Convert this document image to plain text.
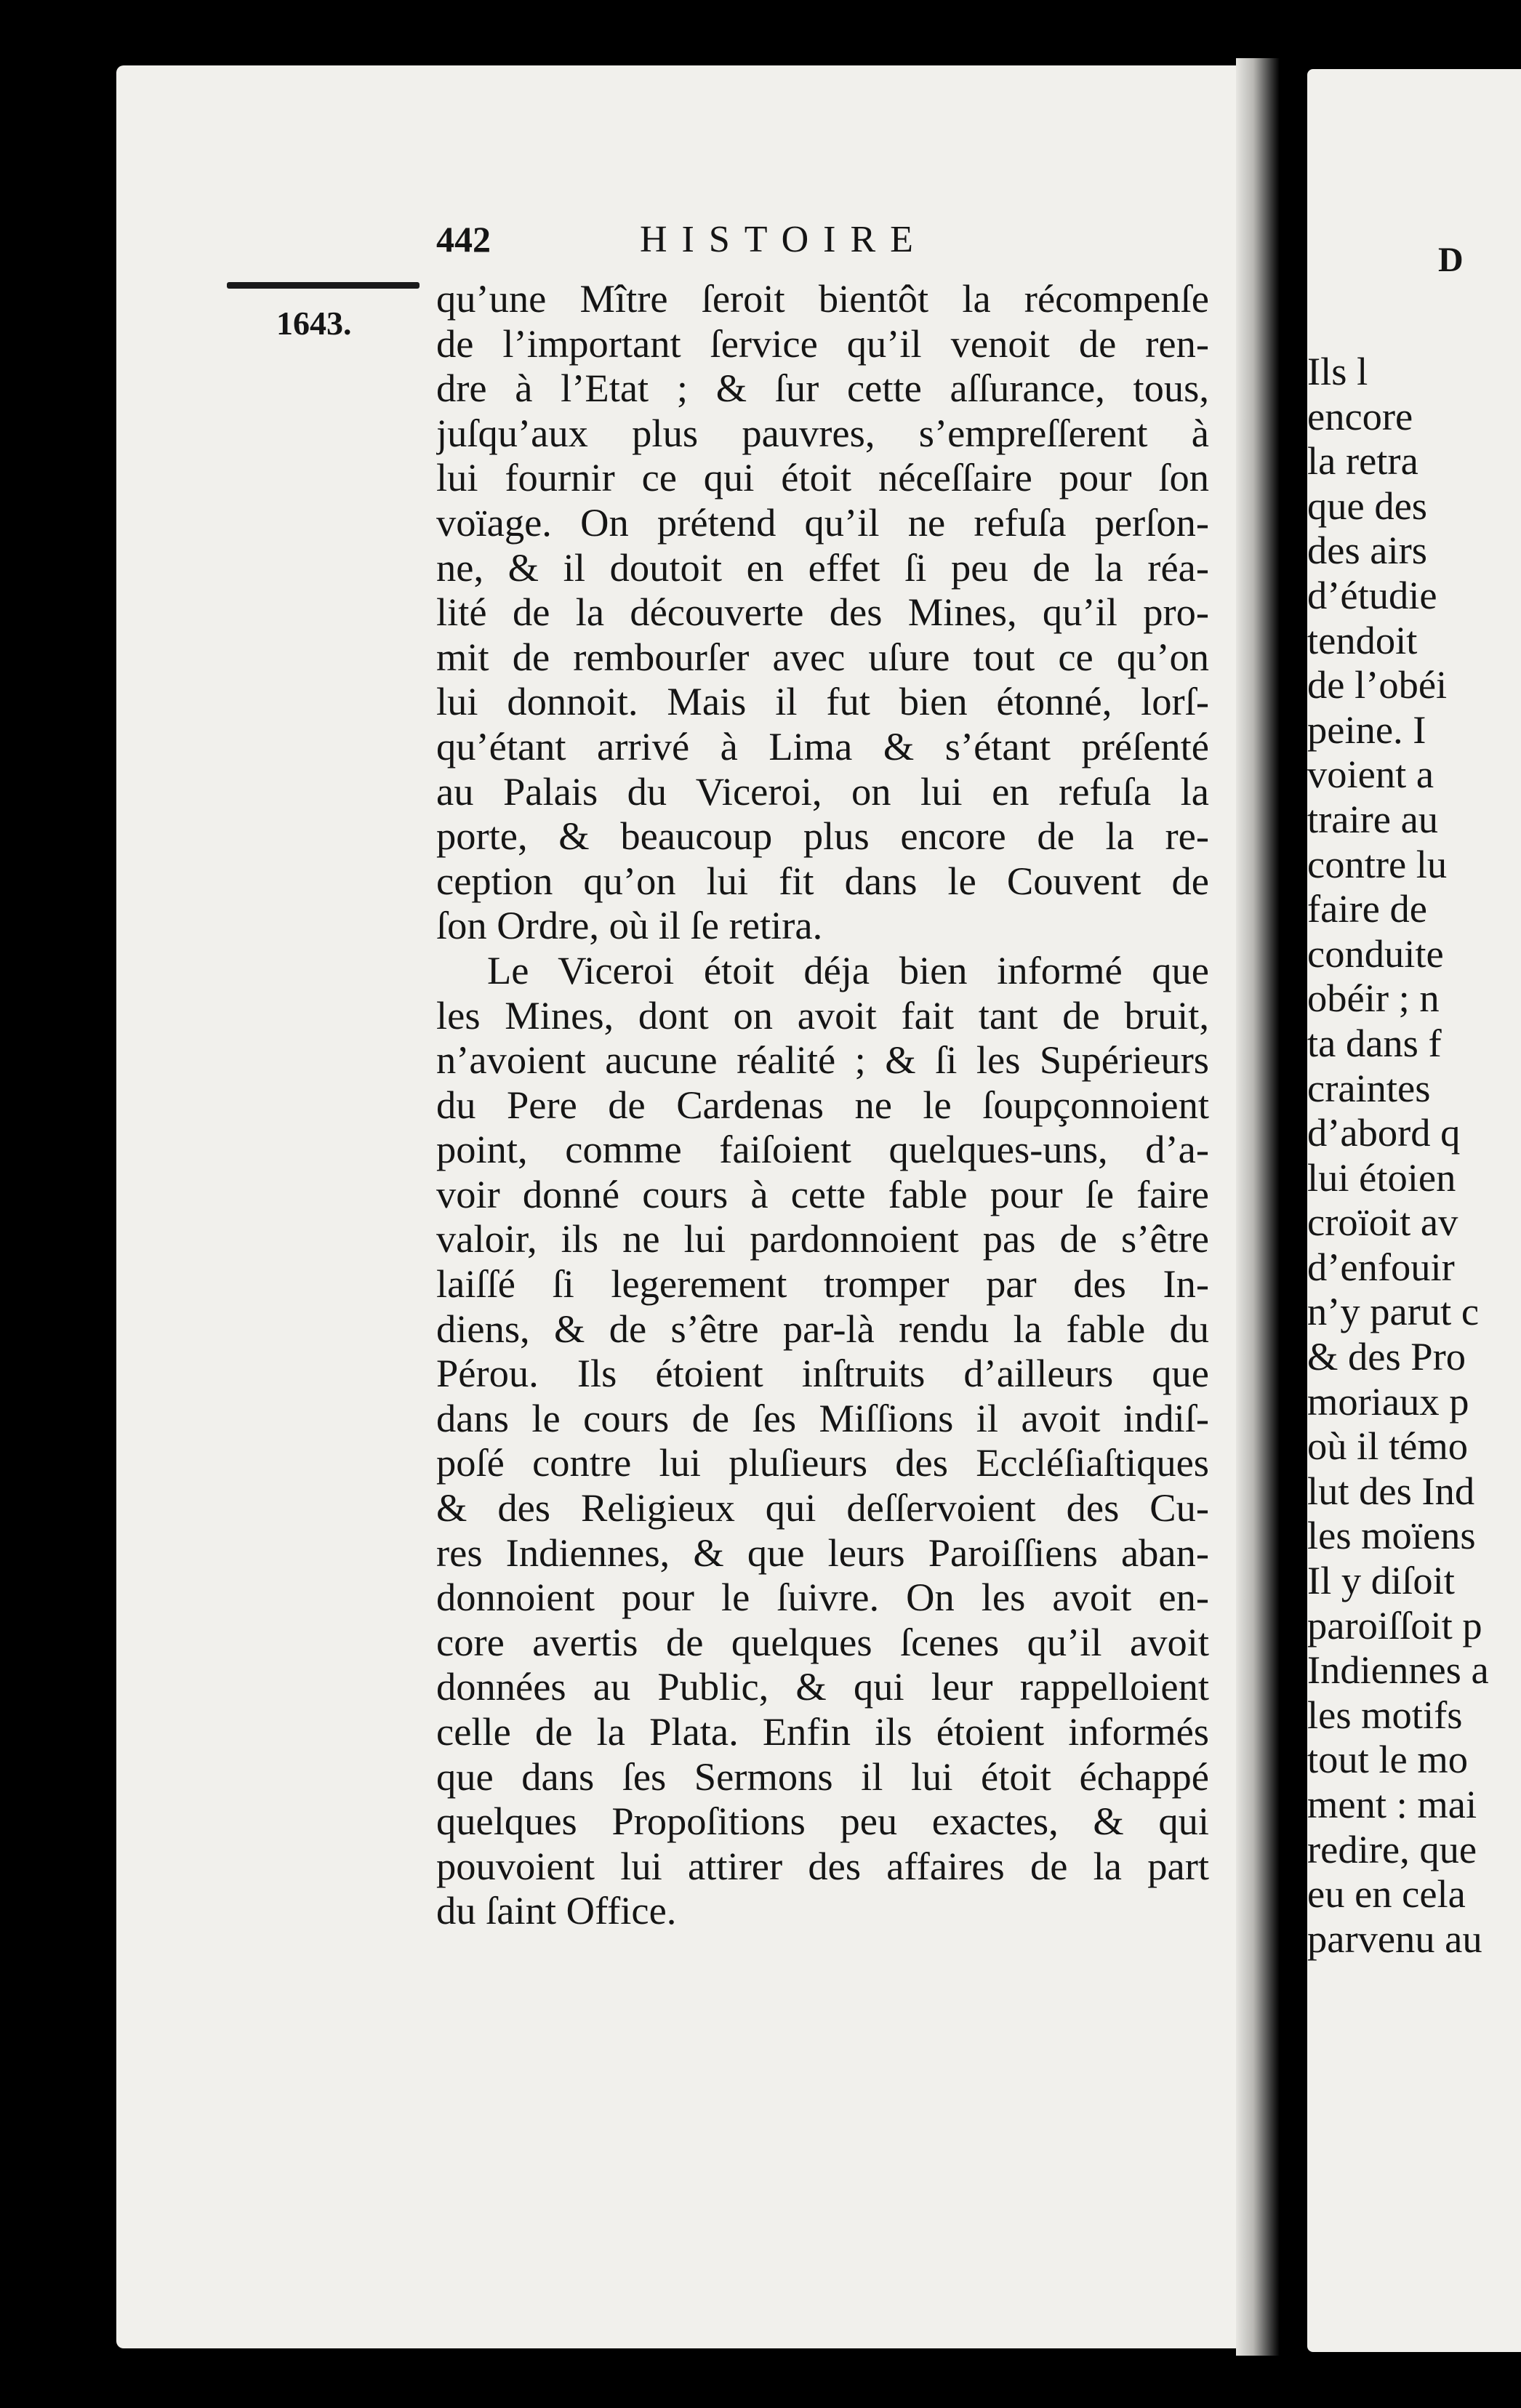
442	HISTOIRE
1643.
qu’une Mître ſeroit bientôt la récompenſe
de l’important ſervice qu’il venoit de ren-
dre à l’Etat ; & ſur cette aſſurance, tous,
juſqu’aux plus pauvres, s’empreſſerent à
lui fournir ce qui étoit néceſſaire pour ſon
voïage. On prétend qu’il ne refuſa perſon-
ne, & il doutoit en effet ſi peu de la réa-
lité de la découverte des Mines, qu’il pro-
mit de rembourſer avec uſure tout ce qu’on
lui donnoit. Mais il fut bien étonné, lorſ-
qu’étant arrivé à Lima & s’étant préſenté
au Palais du Viceroi, on lui en refuſa la
porte, & beaucoup plus encore de la re-
ception qu’on lui fit dans le Couvent de
ſon Ordre, où il ſe retira.
Le Viceroi étoit déja bien informé que
les Mines, dont on avoit fait tant de bruit,
n’avoient aucune réalité ; & ſi les Supérieurs
du Pere de Cardenas ne le ſoupçonnoient
point, comme faiſoient quelques-uns, d’a-
voir donné cours à cette fable pour ſe faire
valoir, ils ne lui pardonnoient pas de s’être
laiſſé ſi legerement tromper par des In-
diens, & de s’être par-là rendu la fable du
Pérou. Ils étoient inſtruits d’ailleurs que
dans le cours de ſes Miſſions il avoit indiſ-
poſé contre lui pluſieurs des Eccléſiaſtiques
& des Religieux qui deſſervoient des Cu-
res Indiennes, & que leurs Paroiſſiens aban-
donnoient pour le ſuivre. On les avoit en-
core avertis de quelques ſcenes qu’il avoit
données au Public, & qui leur rappelloient
celle de la Plata. Enfin ils étoient informés
que dans ſes Sermons il lui étoit échappé
quelques Propoſitions peu exactes, & qui
pouvoient lui attirer des affaires de la part
du ſaint Office.
D
Ils l
encore
la retra
que des
des airs
d’étudie
tendoit
de l’obéi
peine. I
voient a
traire au
contre lu
faire de
conduite
obéir ; n
ta dans f
craintes
d’abord q
lui étoien
croïoit av
d’enfouir
n’y parut c
& des Pro
moriaux p
où il témo
lut des Ind
les moïens
Il y diſoit
paroiſſoit p
Indiennes a
les motifs
tout le mo
ment : mai
redire, que
eu en cela
parvenu au
